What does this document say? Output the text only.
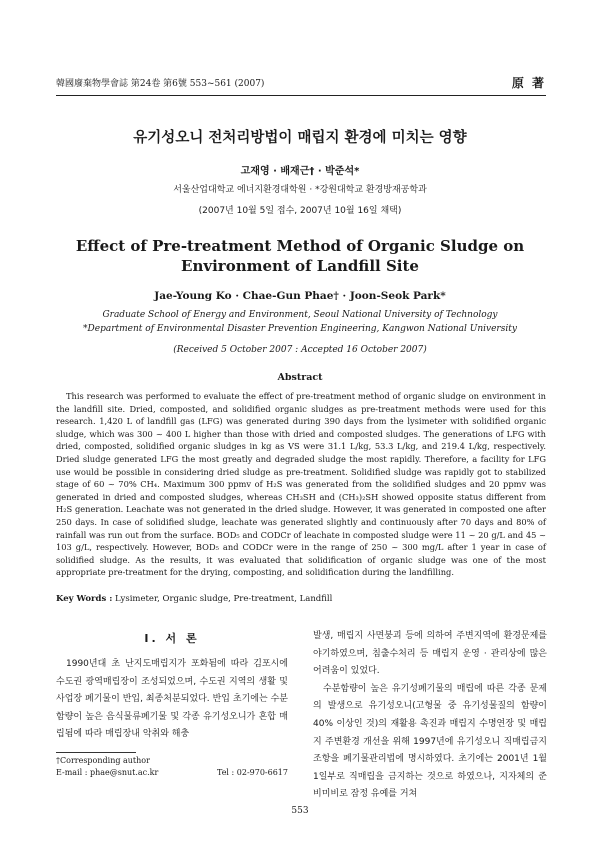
韓國廢棄物學會誌 第24卷 第6號 553~561 (2007)	原 著
유기성오니 전처리방법이 매립지 환경에 미치는 영향
고재영 · 배재근† · 박준석*
서울산업대학교 에너지환경대학원 · *강원대학교 환경방재공학과
(2007년 10월 5일 접수, 2007년 10월 16일 채택)
Effect of Pre-treatment Method of Organic Sludge on Environment of Landfill Site
Jae-Young Ko · Chae-Gun Phae† · Joon-Seok Park*
Graduate School of Energy and Environment, Seoul National University of Technology
*Department of Environmental Disaster Prevention Engineering, Kangwon National University
(Received 5 October 2007 : Accepted 16 October 2007)
Abstract

This research was performed to evaluate the effect of pre-treatment method of organic sludge on environment in the landfill site. Dried, composted, and solidified organic sludges as pre-treatment methods were used for this research. 1,420 L of landfill gas (LFG) was generated during 390 days from the lysimeter with solidified organic sludge, which was 300 ~ 400 L higher than those with dried and composted sludges. The generations of LFG with dried, composted, solidified organic sludges in kg as VS were 31.1 L/kg, 53.3 L/kg, and 219.4 L/kg, respectively. Dried sludge generated LFG the most greatly and degraded sludge the most rapidly. Therefore, a facility for LFG use would be possible in considering dried sludge as pre-treatment. Solidified sludge was rapidly got to stabilized stage of 60 ~ 70% CH₄. Maximum 300 ppmv of H₂S was generated from the solidified sludges and 20 ppmv was generated in dried and composted sludges, whereas CH₃SH and (CH₃)₂SH showed opposite status different from H₂S generation. Leachate was not generated in the dried sludge. However, it was generated in composted one after 250 days. In case of solidified sludge, leachate was generated slightly and continuously after 70 days and 80% of rainfall was run out from the surface. BOD₅ and CODCr of leachate in composted sludge were 11 ~ 20 g/L and 45 ~ 103 g/L, respectively. However, BOD₅ and CODCr were in the range of 250 ~ 300 mg/L after 1 year in case of solidified sludge. As the results, it was evaluated that solidification of organic sludge was one of the most appropriate pre-treatment for the drying, composting, and solidification during the landfilling.

Key Words : Lysimeter, Organic sludge, Pre-treatment, Landfill
I. 서 론

1990년대 초 난지도매립지가 포화됨에 따라 김포시에 수도권 광역매립장이 조성되었으며, 수도권 지역의 생활 및 사업장 폐기물이 반입, 최종처분되었다. 반입 초기에는 수분함량이 높은 음식물류폐기물 및 각종 유기성오니가 혼합 매립됨에 따라 매립장내 악취와 해충

발생, 매립지 사면붕괴 등에 의하여 주변지역에 환경문제를 야기하였으며, 침출수처리 등 매립지 운영 · 관리상에 많은 어려움이 있었다.

수분함량이 높은 유기성폐기물의 매립에 따른 각종 문제의 발생으로 유기성오니(고형물 중 유기성물질의 함량이 40% 이상인 것)의 재활용 촉진과 매립지 수명연장 및 매립지 주변환경 개선을 위해 1997년에 유기성오니 직매립금지 조항을 폐기물관리법에 명시하였다. 초기에는 2001년 1월 1일부로 직매립을 금지하는 것으로 하였으나, 지자체의 준비미비로 잠정 유예를 거쳐

†Corresponding author
E-mail : phae@snut.ac.kr	Tel : 02-970-6617
553
